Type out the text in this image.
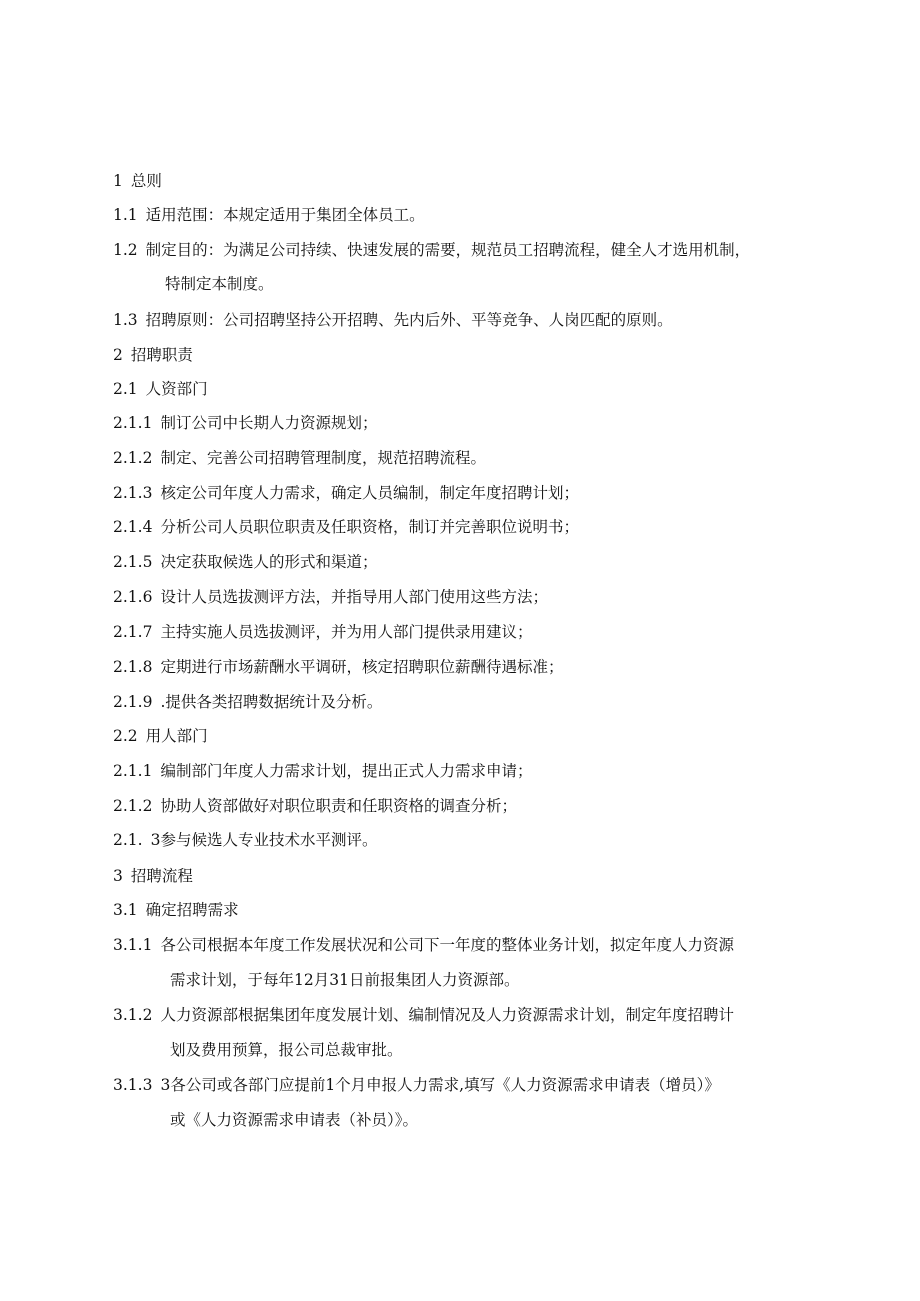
1 总则
1.1 适用范围：本规定适用于集团全体员工。
1.2 制定目的：为满足公司持续、快速发展的需要，规范员工招聘流程，健全人才选用机制，
特制定本制度。
1.3 招聘原则：公司招聘坚持公开招聘、先内后外、平等竞争、人岗匹配的原则。
2 招聘职责
2.1 人资部门
2.1.1 制订公司中长期人力资源规划；
2.1.2 制定、完善公司招聘管理制度，规范招聘流程。
2.1.3 核定公司年度人力需求，确定人员编制，制定年度招聘计划；
2.1.4 分析公司人员职位职责及任职资格，制订并完善职位说明书；
2.1.5 决定获取候选人的形式和渠道；
2.1.6 设计人员选拔测评方法，并指导用人部门使用这些方法；
2.1.7 主持实施人员选拔测评，并为用人部门提供录用建议；
2.1.8 定期进行市场薪酬水平调研，核定招聘职位薪酬待遇标准；
2.1.9 .提供各类招聘数据统计及分析。
2.2 用人部门
2.1.1 编制部门年度人力需求计划，提出正式人力需求申请；
2.1.2 协助人资部做好对职位职责和任职资格的调查分析；
2.1. 3参与候选人专业技术水平测评。
3 招聘流程
3.1 确定招聘需求
3.1.1 各公司根据本年度工作发展状况和公司下一年度的整体业务计划，拟定年度人力资源
需求计划，于每年12月31日前报集团人力资源部。
3.1.2 人力资源部根据集团年度发展计划、编制情况及人力资源需求计划，制定年度招聘计
划及费用预算，报公司总裁审批。
3.1.3 3各公司或各部门应提前1个月申报人力需求,填写《人力资源需求申请表（增员）》
或《人力资源需求申请表（补员）》。
